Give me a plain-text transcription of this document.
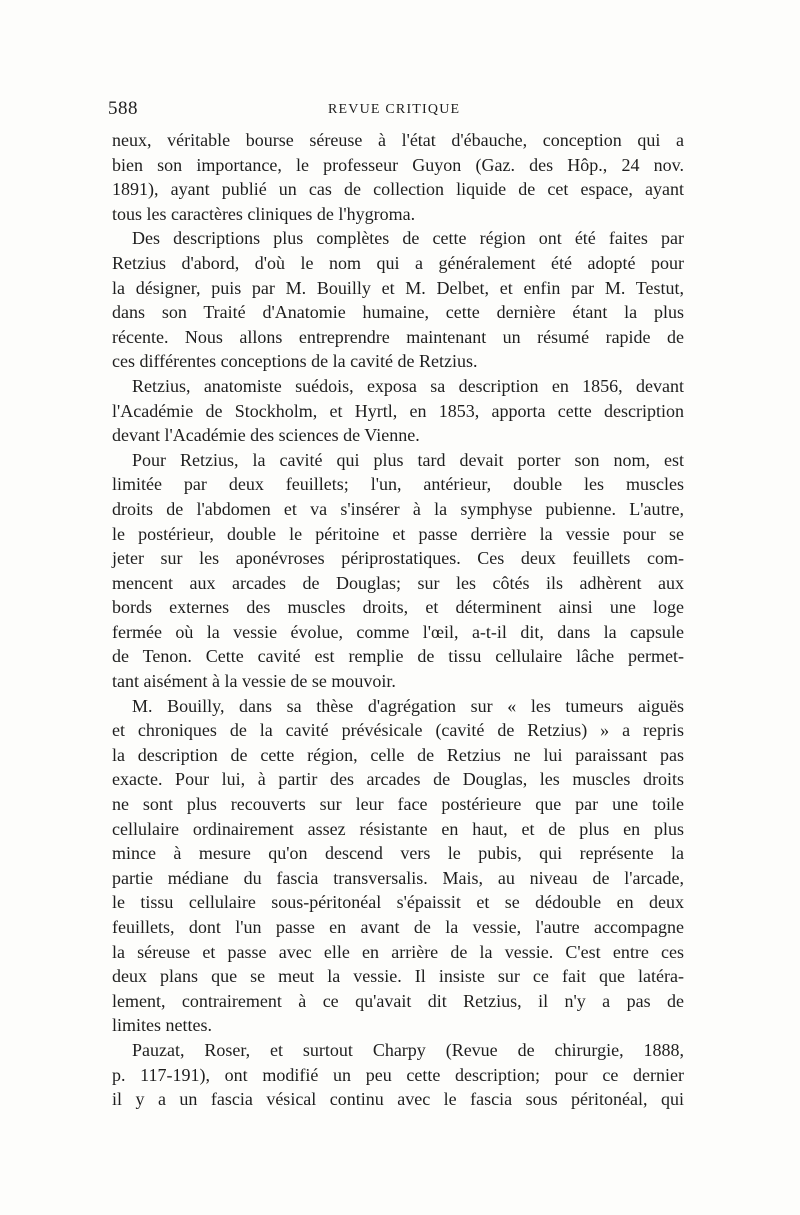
588	REVUE CRITIQUE

neux, véritable bourse séreuse à l'état d'ébauche, conception qui a
bien son importance, le professeur Guyon (Gaz. des Hôp., 24 nov.
1891), ayant publié un cas de collection liquide de cet espace, ayant
tous les caractères cliniques de l'hygroma.

Des descriptions plus complètes de cette région ont été faites par
Retzius d'abord, d'où le nom qui a généralement été adopté pour
la désigner, puis par M. Bouilly et M. Delbet, et enfin par M. Testut,
dans son Traité d'Anatomie humaine, cette dernière étant la plus
récente. Nous allons entreprendre maintenant un résumé rapide de
ces différentes conceptions de la cavité de Retzius.

Retzius, anatomiste suédois, exposa sa description en 1856, devant
l'Académie de Stockholm, et Hyrtl, en 1853, apporta cette description
devant l'Académie des sciences de Vienne.

Pour Retzius, la cavité qui plus tard devait porter son nom, est
limitée par deux feuillets; l'un, antérieur, double les muscles
droits de l'abdomen et va s'insérer à la symphyse pubienne. L'autre,
le postérieur, double le péritoine et passe derrière la vessie pour se
jeter sur les aponévroses périprostatiques. Ces deux feuillets com-
mencent aux arcades de Douglas; sur les côtés ils adhèrent aux
bords externes des muscles droits, et déterminent ainsi une loge
fermée où la vessie évolue, comme l'œil, a-t-il dit, dans la capsule
de Tenon. Cette cavité est remplie de tissu cellulaire lâche permet-
tant aisément à la vessie de se mouvoir.

M. Bouilly, dans sa thèse d'agrégation sur « les tumeurs aiguës
et chroniques de la cavité prévésicale (cavité de Retzius) » a repris
la description de cette région, celle de Retzius ne lui paraissant pas
exacte. Pour lui, à partir des arcades de Douglas, les muscles droits
ne sont plus recouverts sur leur face postérieure que par une toile
cellulaire ordinairement assez résistante en haut, et de plus en plus
mince à mesure qu'on descend vers le pubis, qui représente la
partie médiane du fascia transversalis. Mais, au niveau de l'arcade,
le tissu cellulaire sous-péritonéal s'épaissit et se dédouble en deux
feuillets, dont l'un passe en avant de la vessie, l'autre accompagne
la séreuse et passe avec elle en arrière de la vessie. C'est entre ces
deux plans que se meut la vessie. Il insiste sur ce fait que latéra-
lement, contrairement à ce qu'avait dit Retzius, il n'y a pas de
limites nettes.

Pauzat, Roser, et surtout Charpy (Revue de chirurgie, 1888,
p. 117-191), ont modifié un peu cette description; pour ce dernier
il y a un fascia vésical continu avec le fascia sous péritonéal, qui
